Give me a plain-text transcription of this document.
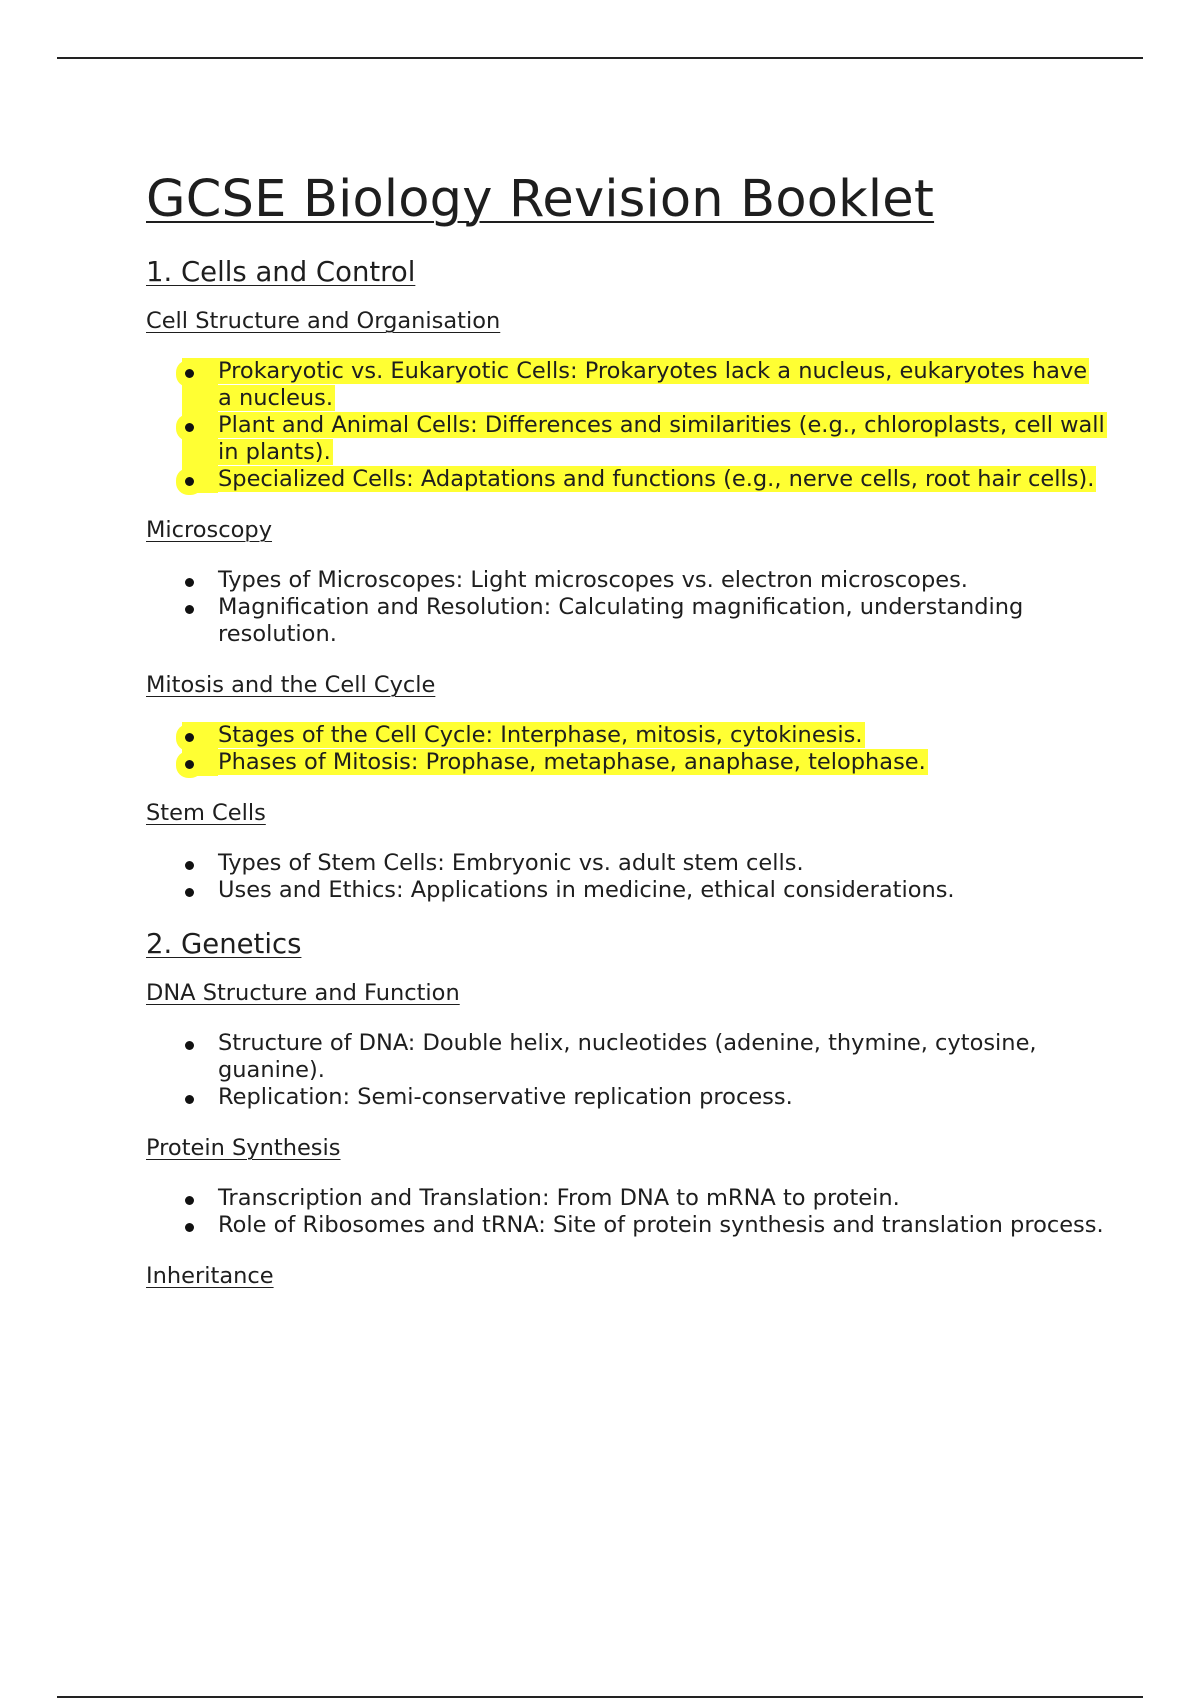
GCSE Biology Revision Booklet
1. Cells and Control
Cell Structure and Organisation
Prokaryotic vs. Eukaryotic Cells: Prokaryotes lack a nucleus, eukaryotes have a nucleus.
Plant and Animal Cells: Differences and similarities (e.g., chloroplasts, cell wall in plants).
Specialized Cells: Adaptations and functions (e.g., nerve cells, root hair cells).
Microscopy
Types of Microscopes: Light microscopes vs. electron microscopes.
Magnification and Resolution: Calculating magnification, understanding resolution.
Mitosis and the Cell Cycle
Stages of the Cell Cycle: Interphase, mitosis, cytokinesis.
Phases of Mitosis: Prophase, metaphase, anaphase, telophase.
Stem Cells
Types of Stem Cells: Embryonic vs. adult stem cells.
Uses and Ethics: Applications in medicine, ethical considerations.
2. Genetics
DNA Structure and Function
Structure of DNA: Double helix, nucleotides (adenine, thymine, cytosine, guanine).
Replication: Semi-conservative replication process.
Protein Synthesis
Transcription and Translation: From DNA to mRNA to protein.
Role of Ribosomes and tRNA: Site of protein synthesis and translation process.
Inheritance
